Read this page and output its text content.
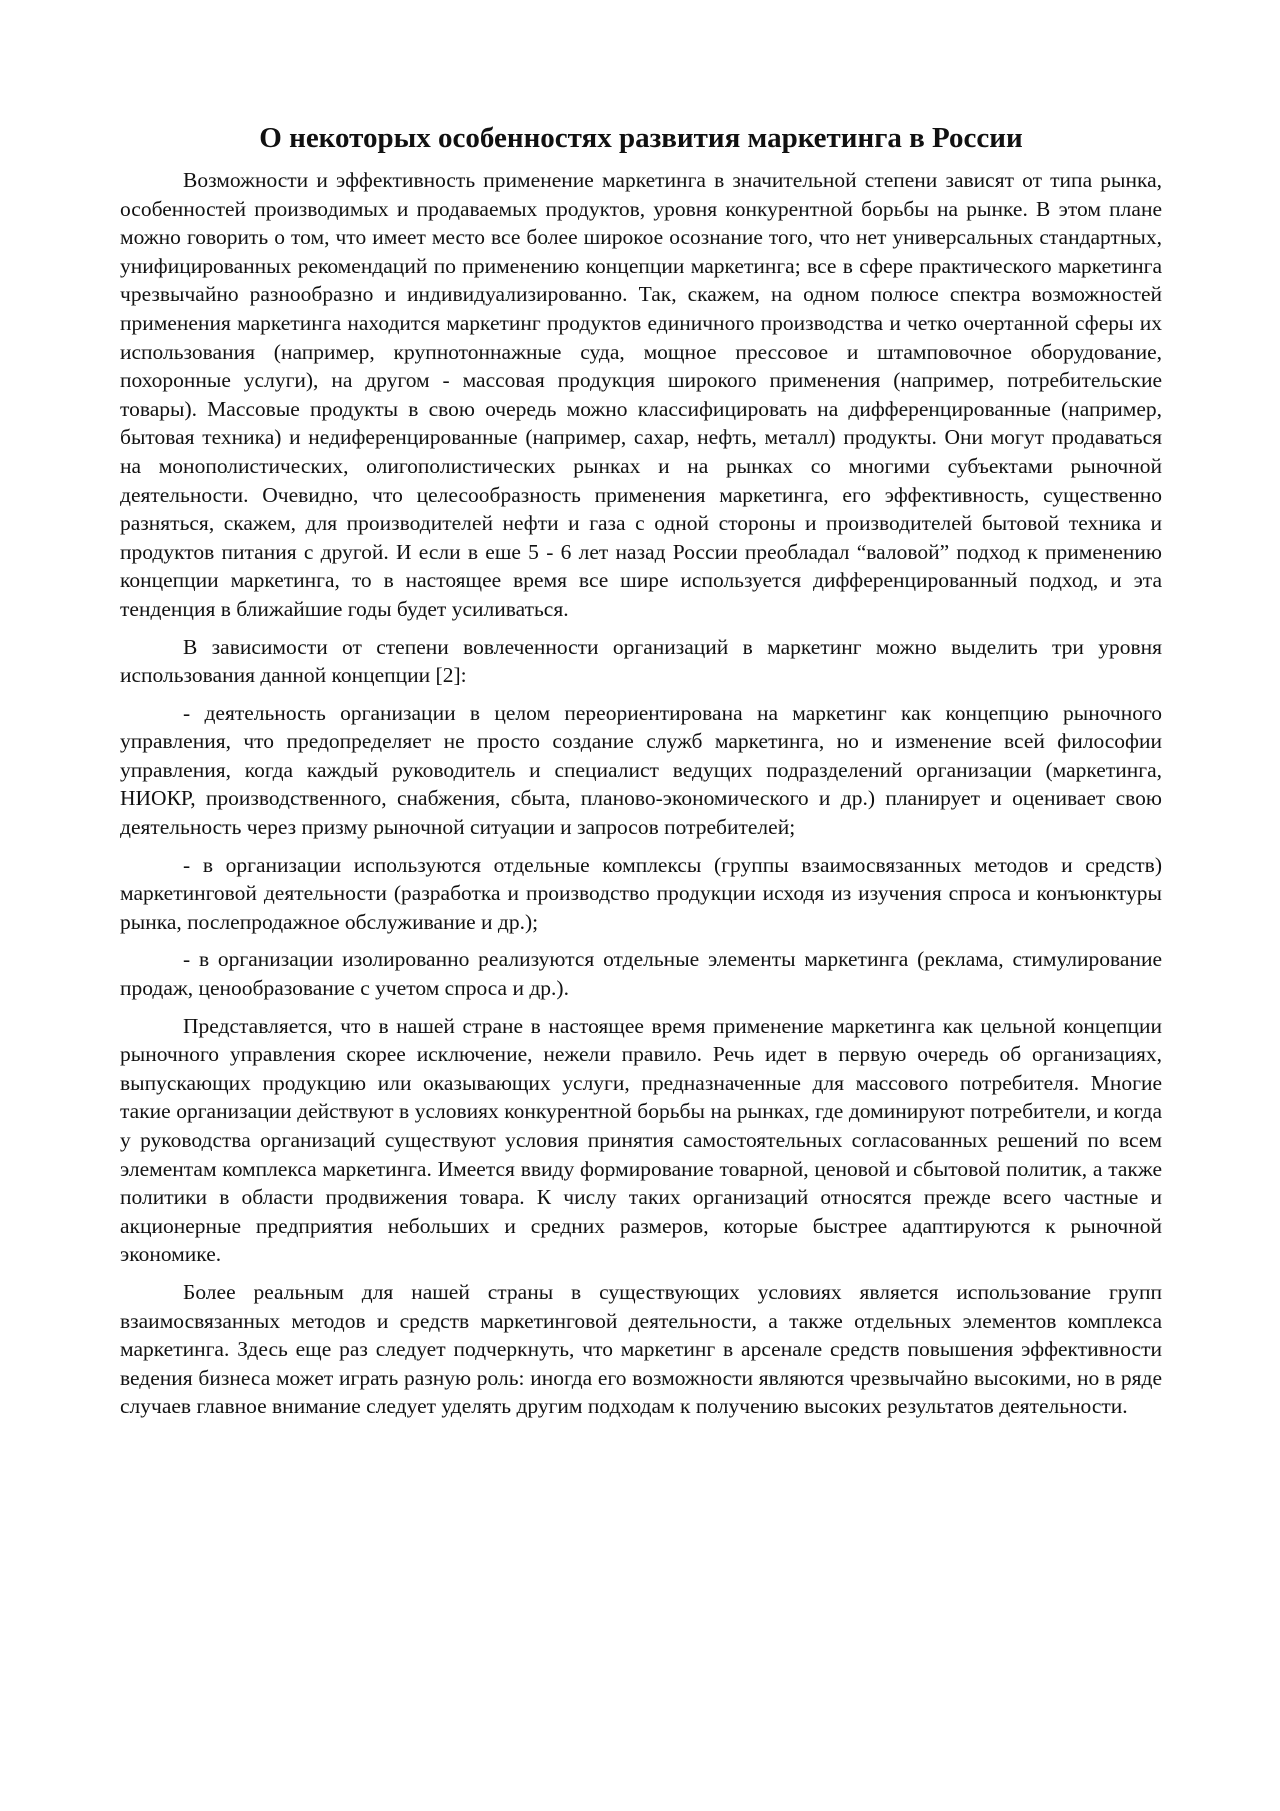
О некоторых особенностях развития маркетинга в России

Возможности и эффективность применение маркетинга в значительной степени зависят от типа рынка, особенностей производимых и продаваемых продуктов, уровня конкурентной борьбы на рынке. В этом плане можно говорить о том, что имеет место все более широкое осознание того, что нет универсальных стандартных, унифицированных рекомендаций по применению концепции маркетинга; все в сфере практического маркетинга чрезвычайно разнообразно и индивидуализированно. Так, скажем, на одном полюсе спектра возможностей применения маркетинга находится маркетинг продуктов единичного производства и четко очертанной сферы их использования (например, крупнотоннажные суда, мощное прессовое и штамповочное оборудование, похоронные услуги), на другом - массовая продукция широкого применения (например, потребительские товары). Массовые продукты в свою очередь можно классифицировать на дифференцированные (например, бытовая техника) и недиференцированные (например, сахар, нефть, металл) продукты. Они могут продаваться на монополистических, олигополистических рынках и на рынках со многими субъектами рыночной деятельности. Очевидно, что целесообразность применения маркетинга, его эффективность, существенно разняться, скажем, для производителей нефти и газа с одной стороны и производителей бытовой техника и продуктов питания с другой. И если в еше 5 - 6 лет назад России преобладал “валовой” подход к применению концепции маркетинга, то в настоящее время все шире используется дифференцированный подход, и эта тенденция в ближайшие годы будет усиливаться.

В зависимости от степени вовлеченности организаций в маркетинг можно выделить три уровня использования данной концепции [2]:

- деятельность организации в целом переориентирована на маркетинг как концепцию рыночного управления, что предопределяет не просто создание служб маркетинга, но и изменение всей философии управления, когда каждый руководитель и специалист ведущих подразделений организации (маркетинга, НИОКР, производственного, снабжения, сбыта, планово-экономического и др.) планирует и оценивает свою деятельность через призму рыночной ситуации и запросов потребителей;

- в организации используются отдельные комплексы (группы взаимосвязанных методов и средств) маркетинговой деятельности (разработка и производство продукции исходя из изучения спроса и конъюнктуры рынка, послепродажное обслуживание и др.);

- в организации изолированно реализуются отдельные элементы маркетинга (реклама, стимулирование продаж, ценообразование с учетом спроса и др.).

Представляется, что в нашей стране в настоящее время применение маркетинга как цельной концепции рыночного управления скорее исключение, нежели правило. Речь идет в первую очередь об организациях, выпускающих продукцию или оказывающих услуги, предназначенные для массового потребителя. Многие такие организации действуют в условиях конкурентной борьбы на рынках, где доминируют потребители, и когда у руководства организаций существуют условия принятия самостоятельных согласованных решений по всем элементам комплекса маркетинга. Имеется ввиду формирование товарной, ценовой и сбытовой политик, а также политики в области продвижения товара. К числу таких организаций относятся прежде всего частные и акционерные предприятия небольших и средних размеров, которые быстрее адаптируются к рыночной экономике.

Более реальным для нашей страны в существующих условиях является использование групп взаимосвязанных методов и средств маркетинговой деятельности, а также отдельных элементов комплекса маркетинга. Здесь еще раз следует подчеркнуть, что маркетинг в арсенале средств повышения эффективности ведения бизнеса может играть разную роль: иногда его возможности являются чрезвычайно высокими, но в ряде случаев главное внимание следует уделять другим подходам к получению высоких результатов деятельности.
